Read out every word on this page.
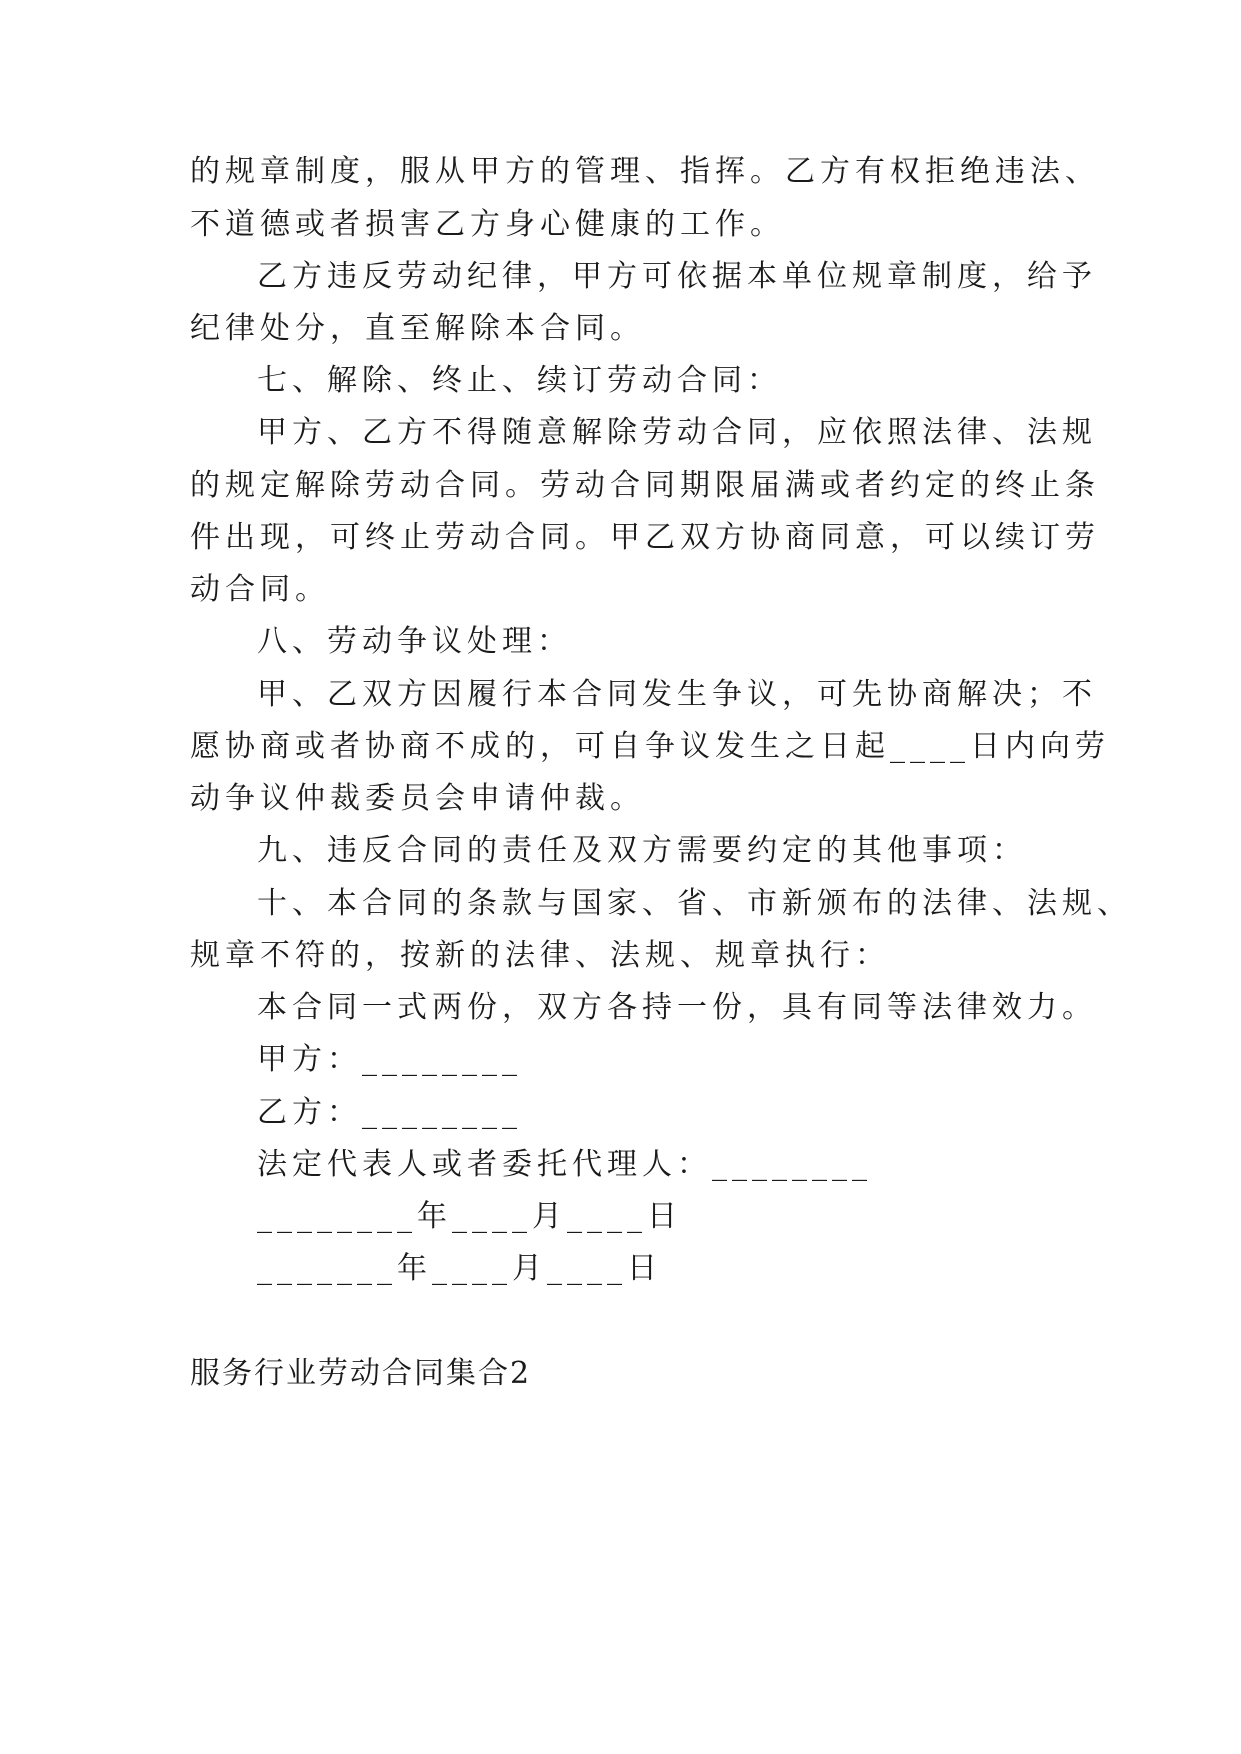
的规章制度，服从甲方的管理、指挥。乙方有权拒绝违法、
不道德或者损害乙方身心健康的工作。
乙方违反劳动纪律，甲方可依据本单位规章制度，给予
纪律处分，直至解除本合同。
七、解除、终止、续订劳动合同：
甲方、乙方不得随意解除劳动合同，应依照法律、法规
的规定解除劳动合同。劳动合同期限届满或者约定的终止条
件出现，可终止劳动合同。甲乙双方协商同意，可以续订劳
动合同。
八、劳动争议处理：
甲、乙双方因履行本合同发生争议，可先协商解决；不
愿协商或者协商不成的，可自争议发生之日起____日内向劳
动争议仲裁委员会申请仲裁。
九、违反合同的责任及双方需要约定的其他事项：
十、本合同的条款与国家、省、市新颁布的法律、法规、
规章不符的，按新的法律、法规、规章执行：
本合同一式两份，双方各持一份，具有同等法律效力。
甲方：________
乙方：________
法定代表人或者委托代理人：________
________年____月____日
_______年____月____日
服务行业劳动合同集合2
